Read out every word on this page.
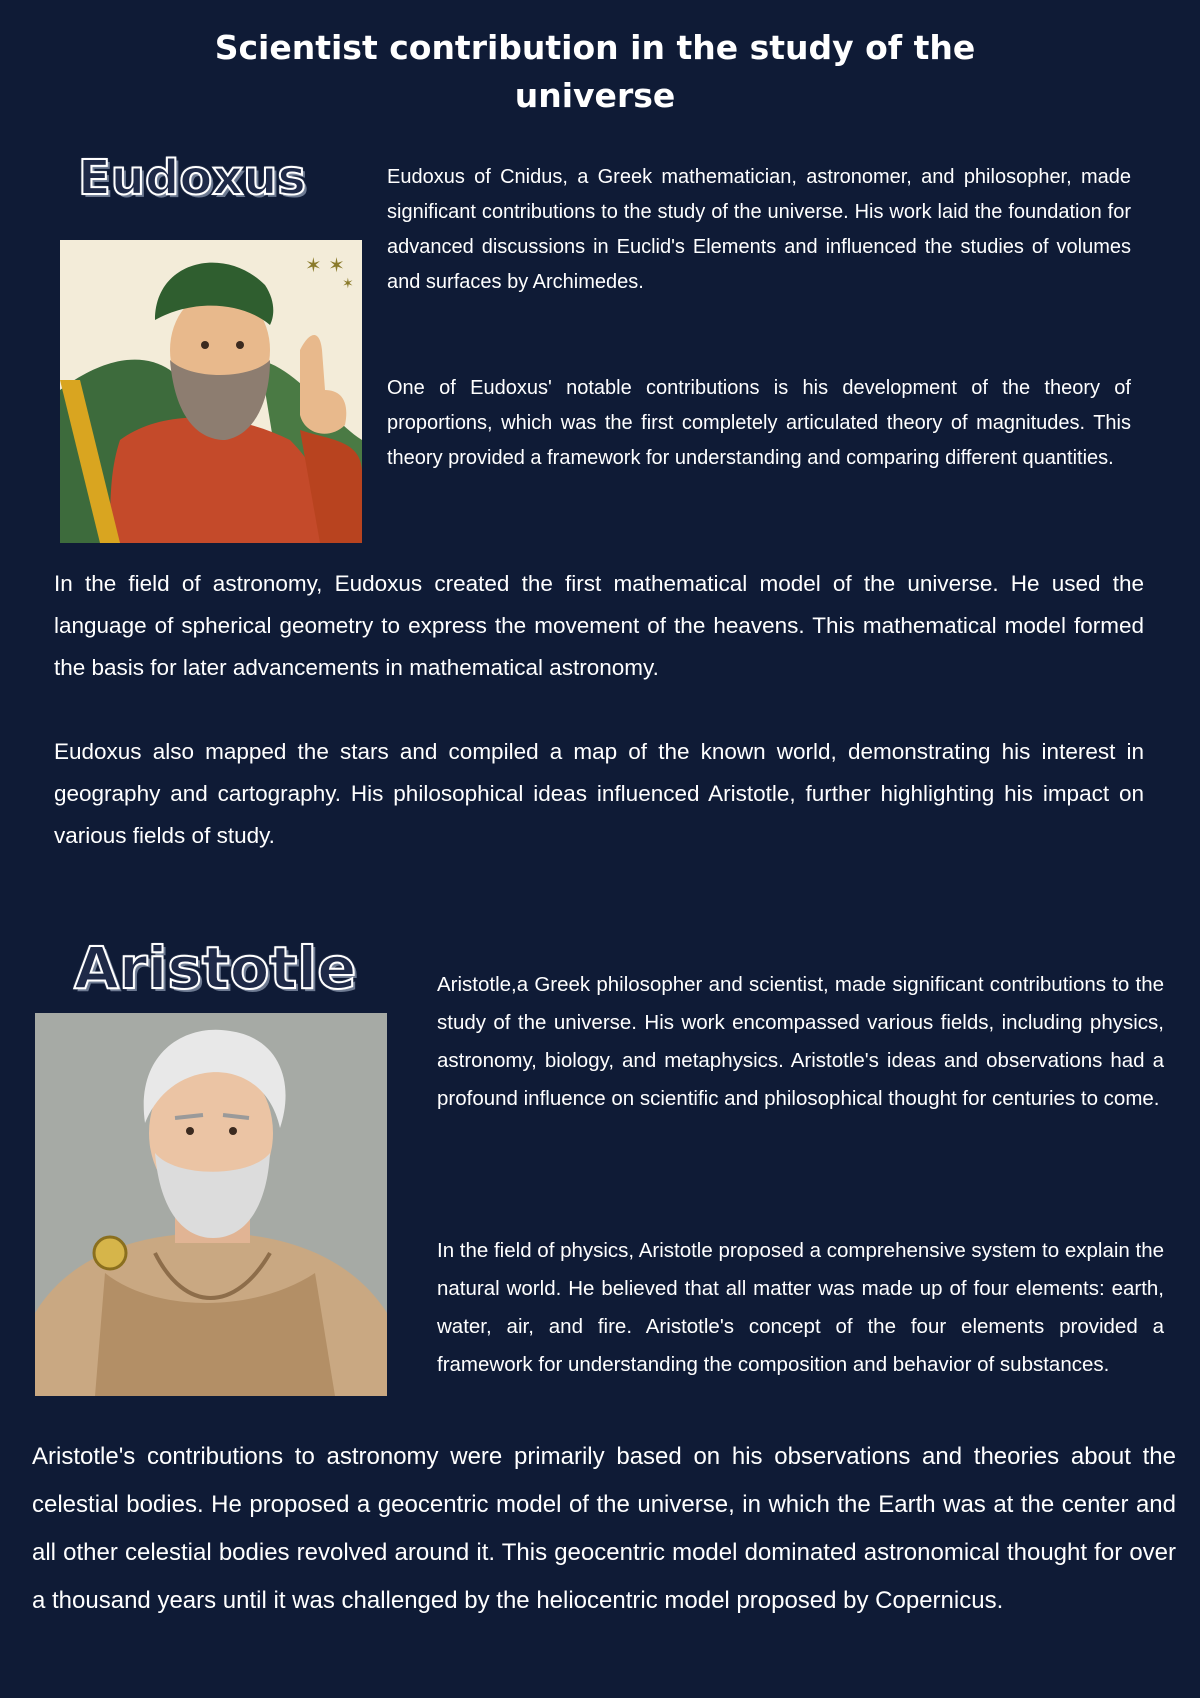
Scientist contribution in the study of the universe
Eudoxus
✶ ✶
✶

Eudoxus of Cnidus, a Greek mathematician, astronomer, and philosopher, made significant contributions to the study of the universe. His work laid the foundation for advanced discussions in Euclid's Elements and influenced the studies of volumes and surfaces by Archimedes.

One of Eudoxus' notable contributions is his development of the theory of proportions, which was the first completely articulated theory of magnitudes. This theory provided a framework for understanding and comparing different quantities.

In the field of astronomy, Eudoxus created the first mathematical model of the universe. He used the language of spherical geometry to express the movement of the heavens. This mathematical model formed the basis for later advancements in mathematical astronomy.

Eudoxus also mapped the stars and compiled a map of the known world, demonstrating his interest in geography and cartography. His philosophical ideas influenced Aristotle, further highlighting his impact on various fields of study.

Aristotle	Aristotle,a Greek philosopher and scientist, made significant contributions to the study of the universe. His work encompassed various fields, including physics, astronomy, biology, and metaphysics. Aristotle's ideas and observations had a profound influence on scientific and philosophical thought for centuries to come.

In the field of physics, Aristotle proposed a comprehensive system to explain the natural world. He believed that all matter was made up of four elements: earth, water, air, and fire. Aristotle's concept of the four elements provided a framework for understanding the composition and behavior of substances.

Aristotle's contributions to astronomy were primarily based on his observations and theories about the celestial bodies. He proposed a geocentric model of the universe, in which the Earth was at the center and all other celestial bodies revolved around it. This geocentric model dominated astronomical thought for over a thousand years until it was challenged by the heliocentric model proposed by Copernicus.
